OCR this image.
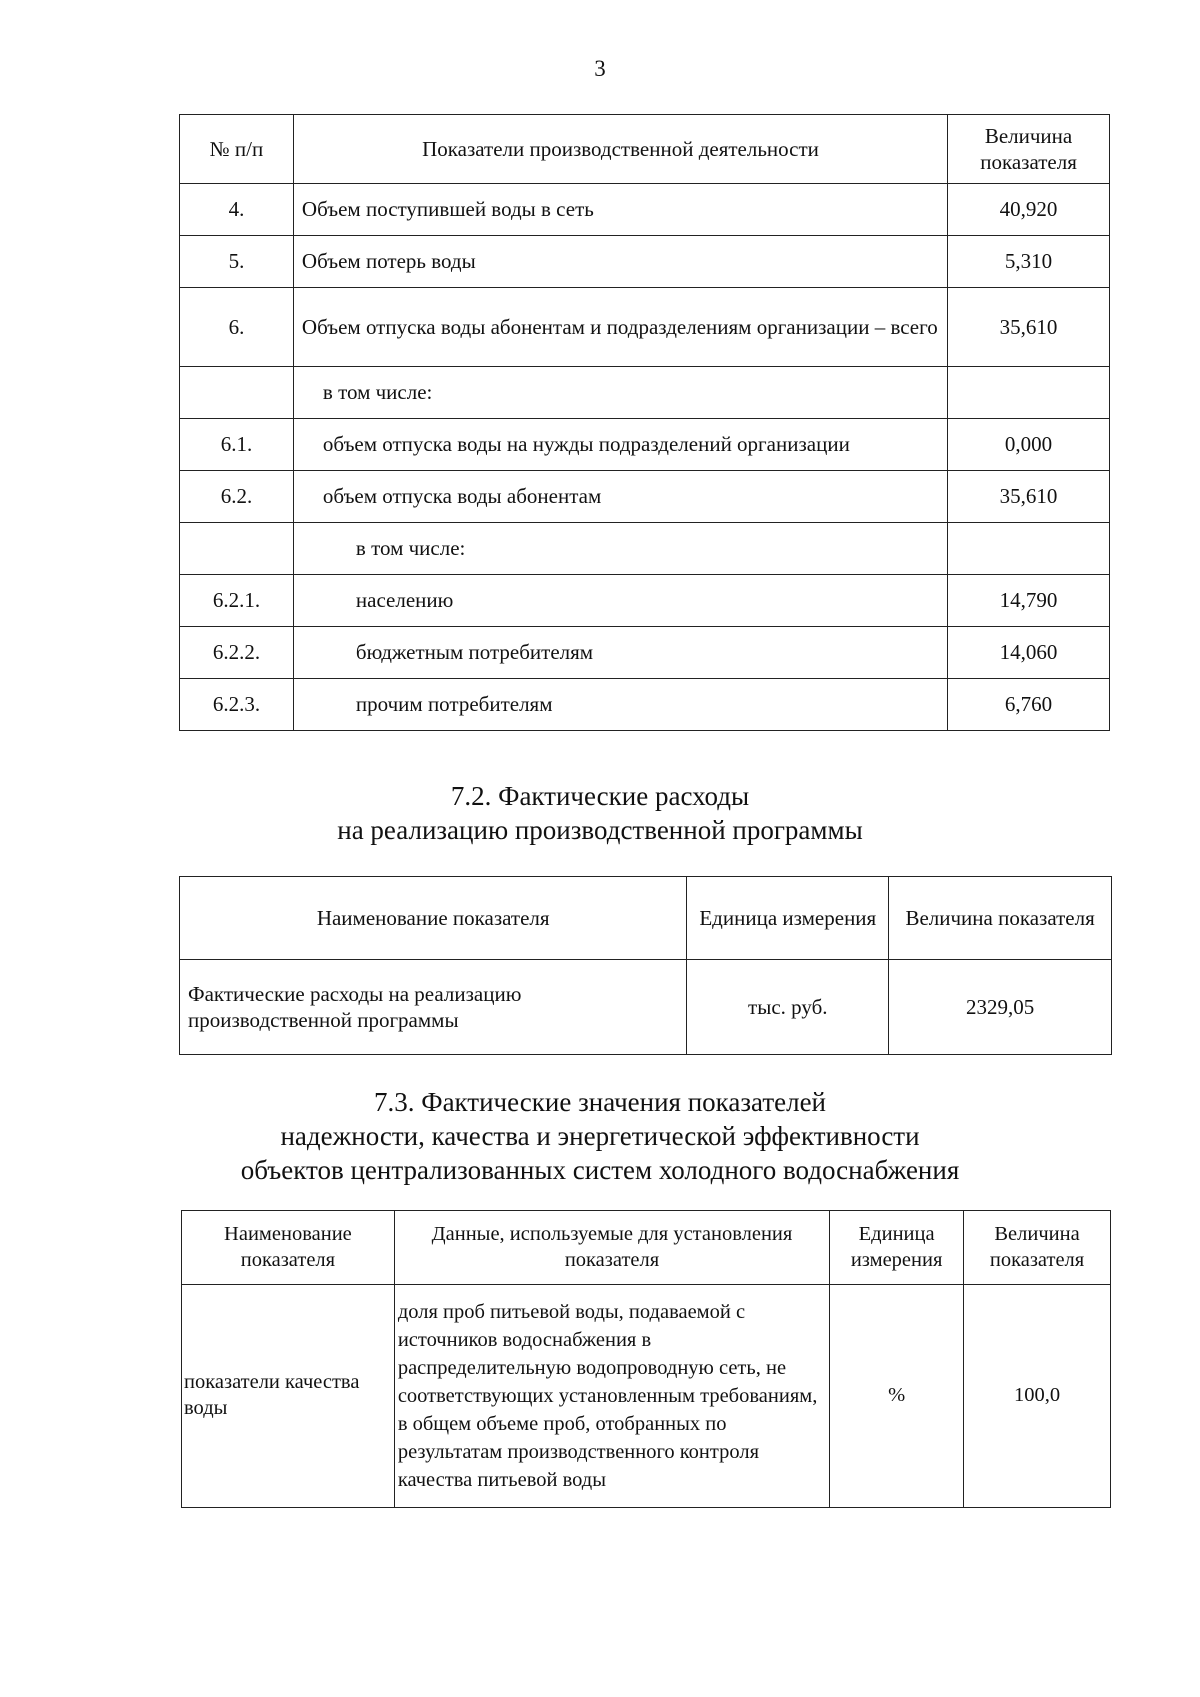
3
№ п/п	Показатели производственной деятельности	Величина показателя
4.	Объем поступившей воды в сеть	40,920
5.	Объем потерь воды	5,310
6.	Объем отпуска воды абонентам и подразделениям организации – всего	35,610
	в том числе:	
6.1.	объем отпуска воды на нужды подразделений организации	0,000
6.2.	объем отпуска воды абонентам	35,610
	в том числе:	
6.2.1.	населению	14,790
6.2.2.	бюджетным потребителям	14,060
6.2.3.	прочим потребителям	6,760
7.2. Фактические расходы
на реализацию производственной программы
Наименование показателя	Единица измерения	Величина показателя
Фактические расходы на реализацию производственной программы	тыс. руб.	2329,05
7.3. Фактические значения показателей
надежности, качества и энергетической эффективности
объектов централизованных систем холодного водоснабжения
Наименование показателя	Данные, используемые для установления показателя	Единица измерения	Величина показателя
показатели качества воды	доля проб питьевой воды, подаваемой с источников водоснабжения в распределительную водопроводную сеть, не соответствующих установленным требованиям, в общем объеме проб, отобранных по результатам производственного контроля качества питьевой воды	%	100,0
